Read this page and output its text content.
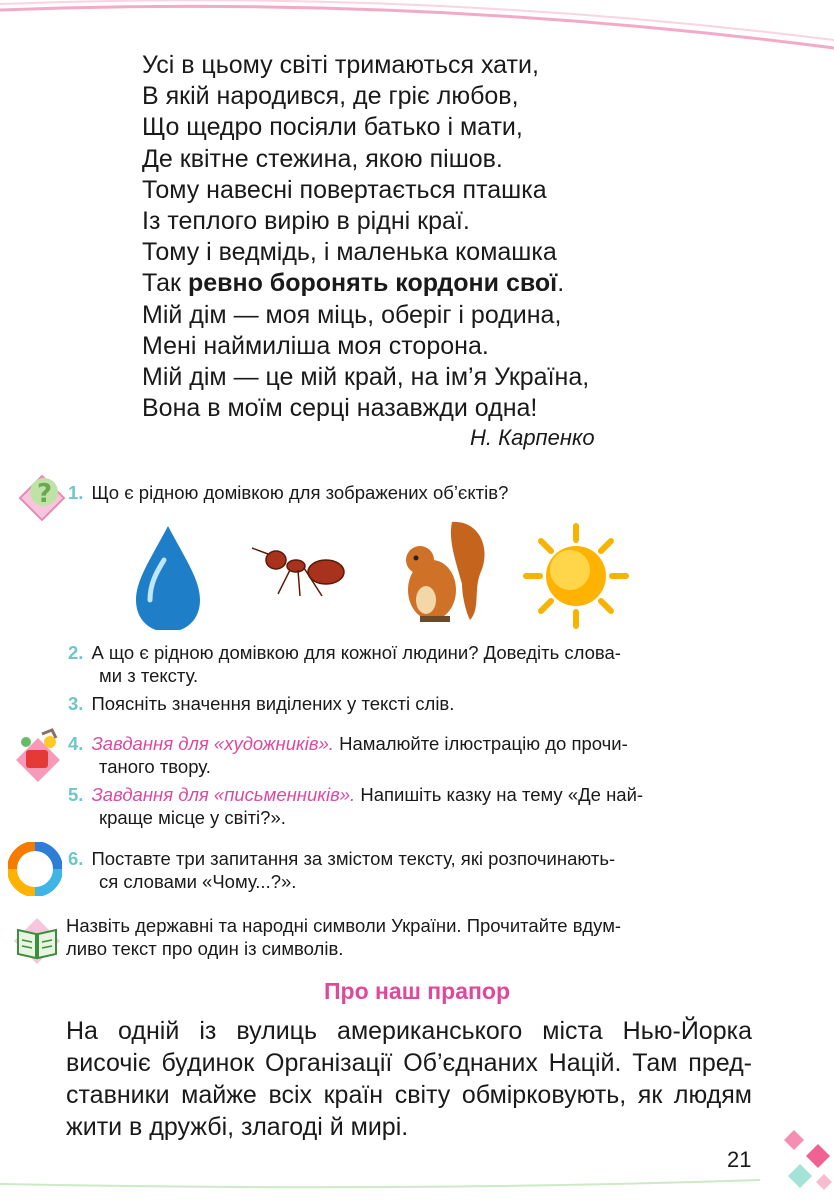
Усі в цьому світі тримаються хати,
В якій народився, де гріє любов,
Що щедро посіяли батько і мати,
Де квітне стежина, якою пішов.
Тому навесні повертається пташка
Із теплого вирію в рідні краї.
Тому і ведмідь, і маленька комашка
Так ревно боронять кордони свої.
Мій дім — моя міць, оберіг і родина,
Мені наймиліша моя сторона.
Мій дім — це мій край, на ім’я Україна,
Вона в моїм серці назавжди одна!
Н. Карпенко
? 1. Що є рідною домівкою для зображених об’єктів?
2. А що є рідною домівкою для кожної людини? Доведіть слова-
ми з тексту.
3. Поясніть значення виділених у тексті слів.
4. Завдання для «художників». Намалюйте ілюстрацію до прочи-
таного твору.
5. Завдання для «письменників». Напишіть казку на тему «Де най-
краще місце у світі?».
6. Поставте три запитання за змістом тексту, які розпочинають-
ся словами «Чому...?».
Назвіть державні та народні символи України. Прочитайте вдум-
ливо текст про один із символів.
Про наш прапор
На одній із вулиць американського міста Нью-Йорка
височіє будинок Організації Об’єднаних Націй. Там пред-
ставники майже всіх країн світу обмірковують, як людям
жити в дружбі, злагоді й мирі.
21
